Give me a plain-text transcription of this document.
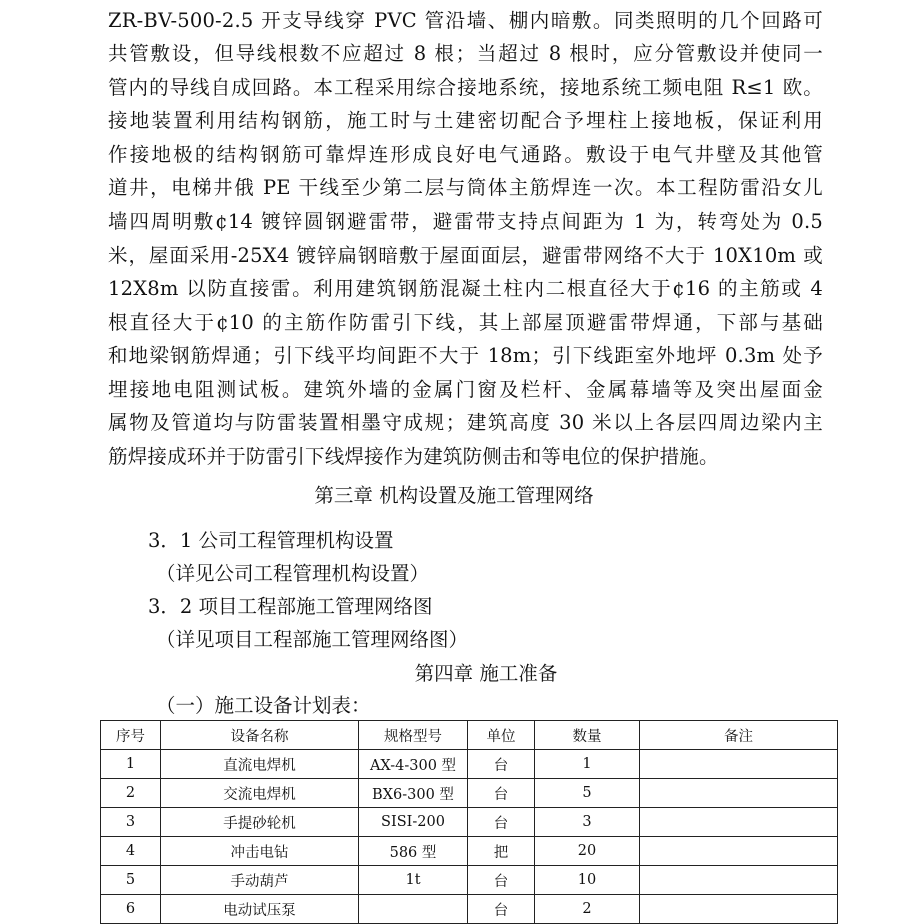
ZR-BV-500-2.5 开支导线穿 PVC 管沿墙、棚内暗敷。同类照明的几个回路可
共管敷设，但导线根数不应超过 8 根；当超过 8 根时，应分管敷设并使同一
管内的导线自成回路。本工程采用综合接地系统，接地系统工频电阻 R≤1 欧。
接地装置利用结构钢筋，施工时与土建密切配合予埋柱上接地板，保证利用
作接地极的结构钢筋可靠焊连形成良好电气通路。敷设于电气井壁及其他管
道井，电梯井俄 PE 干线至少第二层与筒体主筋焊连一次。本工程防雷沿女儿
墙四周明敷¢14 镀锌圆钢避雷带，避雷带支持点间距为 1 为，转弯处为 0.5
米，屋面采用-25X4 镀锌扁钢暗敷于屋面面层，避雷带网络不大于 10X10m 或
12X8m 以防直接雷。利用建筑钢筋混凝土柱内二根直径大于¢16 的主筋或 4
根直径大于¢10 的主筋作防雷引下线，其上部屋顶避雷带焊通，下部与基础
和地梁钢筋焊通；引下线平均间距不大于 18m；引下线距室外地坪 0.3m 处予
埋接地电阻测试板。建筑外墙的金属门窗及栏杆、金属幕墙等及突出屋面金
属物及管道均与防雷装置相墨守成规；建筑高度 30 米以上各层四周边梁内主
筋焊接成环并于防雷引下线焊接作为建筑防侧击和等电位的保护措施。
第三章 机构设置及施工管理网络
3．1 公司工程管理机构设置
（详见公司工程管理机构设置）
3．2 项目工程部施工管理网络图
（详见项目工程部施工管理网络图）
第四章 施工准备
（一）施工设备计划表：
序号	设备名称	规格型号	单位	数量	备注
1	直流电焊机	AX-4-300 型	台	1	
2	交流电焊机	BX6-300 型	台	5	
3	手提砂轮机	SISI-200	台	3	
4	冲击电钻	586 型	把	20	
5	手动葫芦	1t	台	10	
6	电动试压泵		台	2	
